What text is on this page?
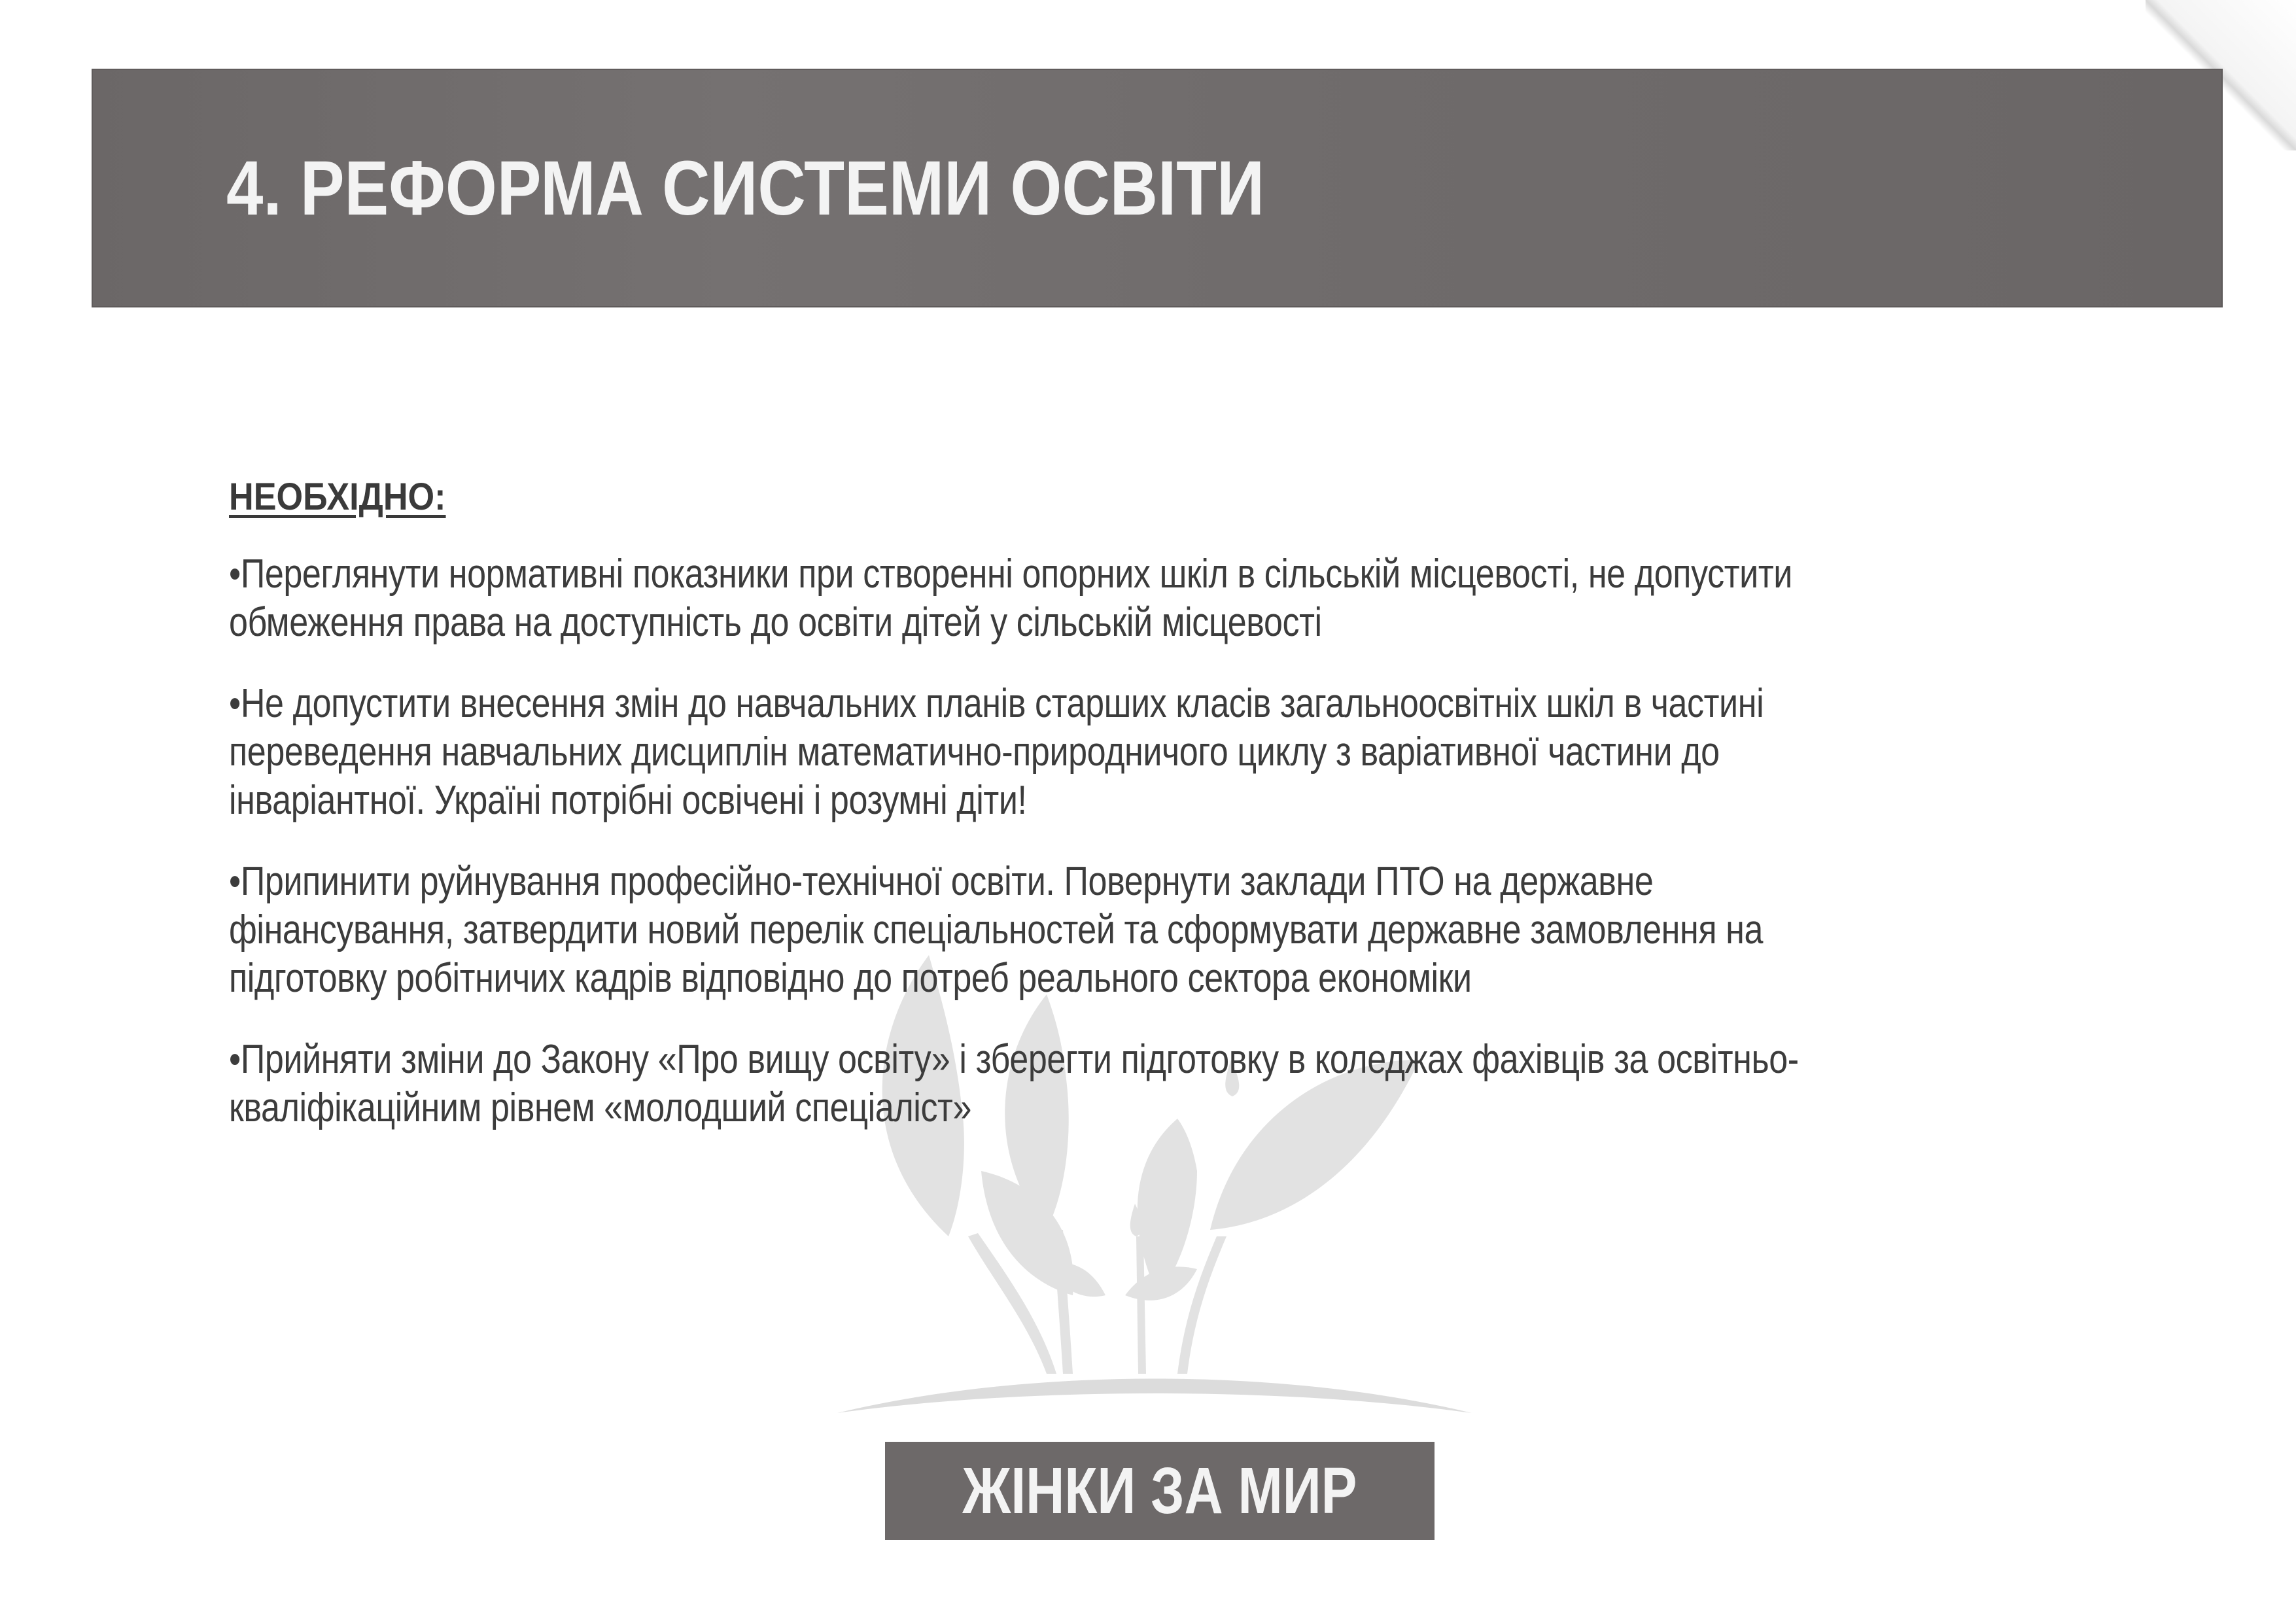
4. РЕФОРМА СИСТЕМИ ОСВІТИ
НЕОБХІДНО:
•Переглянути нормативні показники при створенні опорних шкіл в сільській місцевості, не допустити
обмеження права на доступність до освіти дітей у сільській місцевості
•Не допустити внесення змін до навчальних планів старших класів загальноосвітніх шкіл в частині
переведення навчальних дисциплін математично-природничого циклу з варіативної частини до
інваріантної. Україні потрібні освічені і розумні діти!
•Припинити руйнування професійно-технічної освіти. Повернути заклади ПТО на державне
фінансування, затвердити новий перелік спеціальностей та сформувати державне замовлення на
підготовку робітничих кадрів відповідно до потреб реального сектора економіки
•Прийняти зміни до Закону «Про вищу освіту» і зберегти підготовку в коледжах фахівців за освітньо-
кваліфікаційним рівнем «молодший спеціаліст»
ЖІНКИ ЗА МИР
